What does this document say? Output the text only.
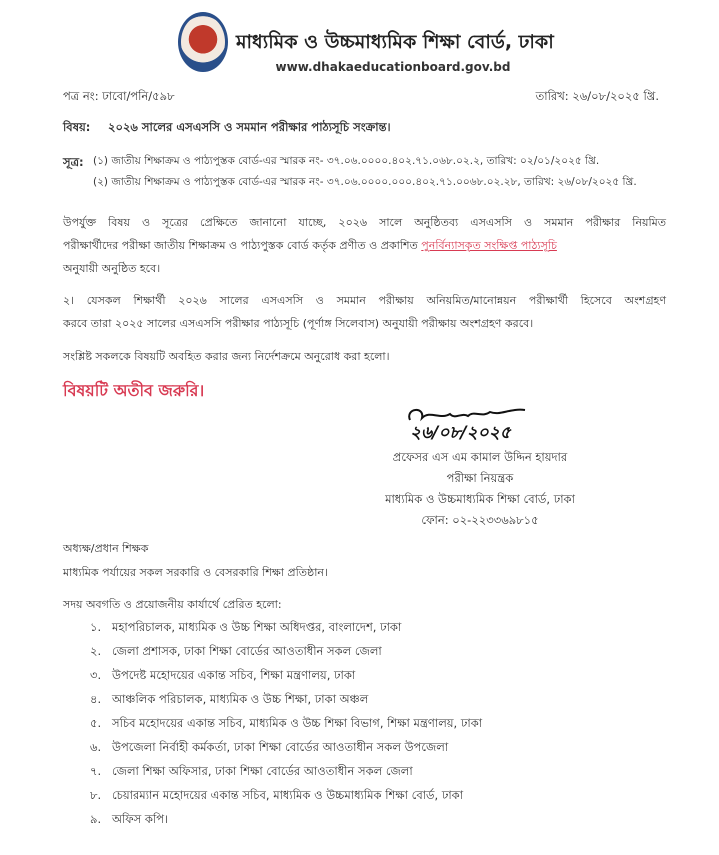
মাধ্যমিক ও উচ্চমাধ্যমিক শিক্ষা বোর্ড, ঢাকা
www.dhakaeducationboard.gov.bd
পত্র নং: ঢাবো/পনি/৫৯৮	তারিখ: ২৬/০৮/২০২৫ খ্রি.
বিষয়: ২০২৬ সালের এসএসসি ও সমমান পরীক্ষার পাঠ্যসূচি সংক্রান্ত।
সূত্র: (১) জাতীয় শিক্ষাক্রম ও পাঠ্যপুস্তক বোর্ড-এর স্মারক নং- ৩৭.০৬.০০০০.৪০২.৭১.০৬৮.০২.২, তারিখ: ০২/০১/২০২৫ খ্রি.
(২) জাতীয় শিক্ষাক্রম ও পাঠ্যপুস্তক বোর্ড-এর স্মারক নং- ৩৭.০৬.০০০০.০০০.৪০২.৭১.০০৬৮.০২.২৮, তারিখ: ২৬/০৮/২০২৫ খ্রি.
উপর্যুক্ত বিষয় ও সূত্রের প্রেক্ষিতে জানানো যাচ্ছে, ২০২৬ সালে অনুষ্ঠিতব্য এসএসসি ও সমমান পরীক্ষার নিয়মিত
পরীক্ষার্থীদের পরীক্ষা জাতীয় শিক্ষাক্রম ও পাঠ্যপুস্তক বোর্ড কর্তৃক প্রণীত ও প্রকাশিত পুনর্বিন্যাসকৃত সংক্ষিপ্ত পাঠ্যসূচি
অনুযায়ী অনুষ্ঠিত হবে।
২। যেসকল শিক্ষার্থী ২০২৬ সালের এসএসসি ও সমমান পরীক্ষায় অনিয়মিত/মানোন্নয়ন পরীক্ষার্থী হিসেবে অংশগ্রহণ
করবে তারা ২০২৫ সালের এসএসসি পরীক্ষার পাঠ্যসূচি (পূর্ণাঙ্গ সিলেবাস) অনুযায়ী পরীক্ষায় অংশগ্রহণ করবে।
সংশ্লিষ্ট সকলকে বিষয়টি অবহিত করার জন্য নির্দেশক্রমে অনুরোধ করা হলো।
বিষয়টি অতীব জরুরি।
২৬/০৮/২০২৫
প্রফেসর এস এম কামাল উদ্দিন হায়দার
পরীক্ষা নিয়ন্ত্রক
মাধ্যমিক ও উচ্চমাধ্যমিক শিক্ষা বোর্ড, ঢাকা
ফোন: ০২-২২৩৩৬৯৮১৫
অধ্যক্ষ/প্রধান শিক্ষক
মাধ্যমিক পর্যায়ের সকল সরকারি ও বেসরকারি শিক্ষা প্রতিষ্ঠান।
সদয় অবগতি ও প্রয়োজনীয় কার্যার্থে প্রেরিত হলো:
১. মহাপরিচালক, মাধ্যমিক ও উচ্চ শিক্ষা অধিদপ্তর, বাংলাদেশ, ঢাকা
২. জেলা প্রশাসক, ঢাকা শিক্ষা বোর্ডের আওতাধীন সকল জেলা
৩. উপদেষ্ট মহোদয়ের একান্ত সচিব, শিক্ষা মন্ত্রণালয়, ঢাকা
৪. আঞ্চলিক পরিচালক, মাধ্যমিক ও উচ্চ শিক্ষা, ঢাকা অঞ্চল
৫. সচিব মহোদয়ের একান্ত সচিব, মাধ্যমিক ও উচ্চ শিক্ষা বিভাগ, শিক্ষা মন্ত্রণালয়, ঢাকা
৬. উপজেলা নির্বাহী কর্মকর্তা, ঢাকা শিক্ষা বোর্ডের আওতাধীন সকল উপজেলা
৭. জেলা শিক্ষা অফিসার, ঢাকা শিক্ষা বোর্ডের আওতাধীন সকল জেলা
৮. চেয়ারম্যান মহোদয়ের একান্ত সচিব, মাধ্যমিক ও উচ্চমাধ্যমিক শিক্ষা বোর্ড, ঢাকা
৯. অফিস কপি।
